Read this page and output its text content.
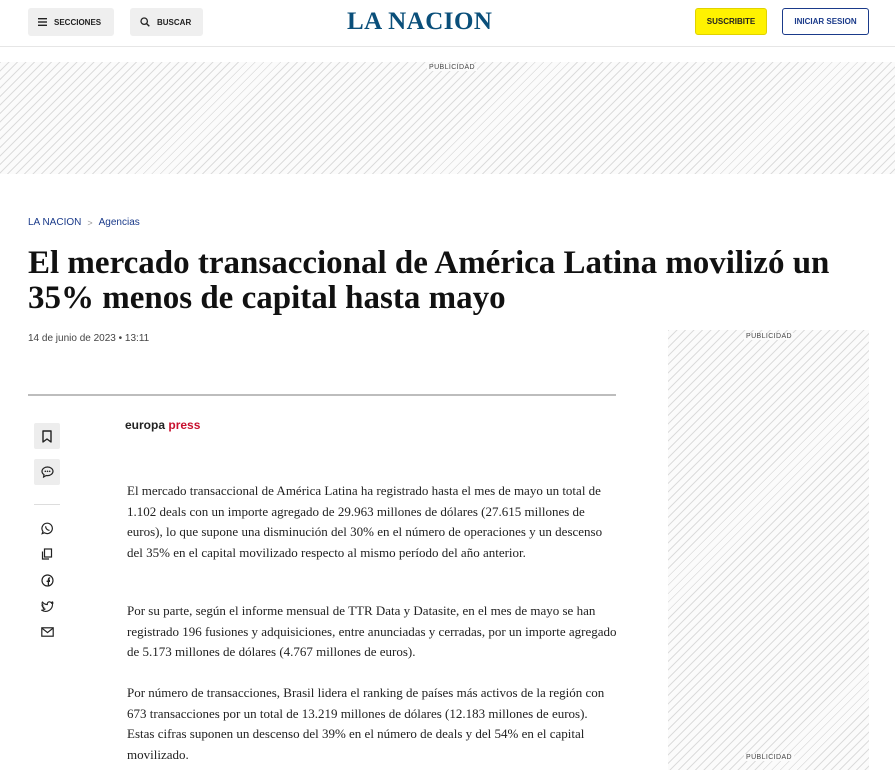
SECCIONES	BUSCAR	LA NACION	SUSCRIBITE	INICIAR SESION
PUBLICIDAD
LA NACION > Agencias
El mercado transaccional de América Latina movilizó un 35% menos de capital hasta mayo
14 de junio de 2023 • 13:11
europa press

El mercado transaccional de América Latina ha registrado hasta el mes de mayo un total de 1.102 deals con un importe agregado de 29.963 millones de dólares (27.615 millones de euros), lo que supone una disminución del 30% en el número de operaciones y un descenso del 35% en el capital movilizado respecto al mismo período del año anterior.

Por su parte, según el informe mensual de TTR Data y Datasite, en el mes de mayo se han registrado 196 fusiones y adquisiciones, entre anunciadas y cerradas, por un importe agregado de 5.173 millones de dólares (4.767 millones de euros).

Por número de transacciones, Brasil lidera el ranking de países más activos de la región con 673 transacciones por un total de 13.219 millones de dólares (12.183 millones de euros). Estas cifras suponen un descenso del 39% en el número de deals y del 54% en el capital movilizado.

PUBLICIDAD
PUBLICIDAD
